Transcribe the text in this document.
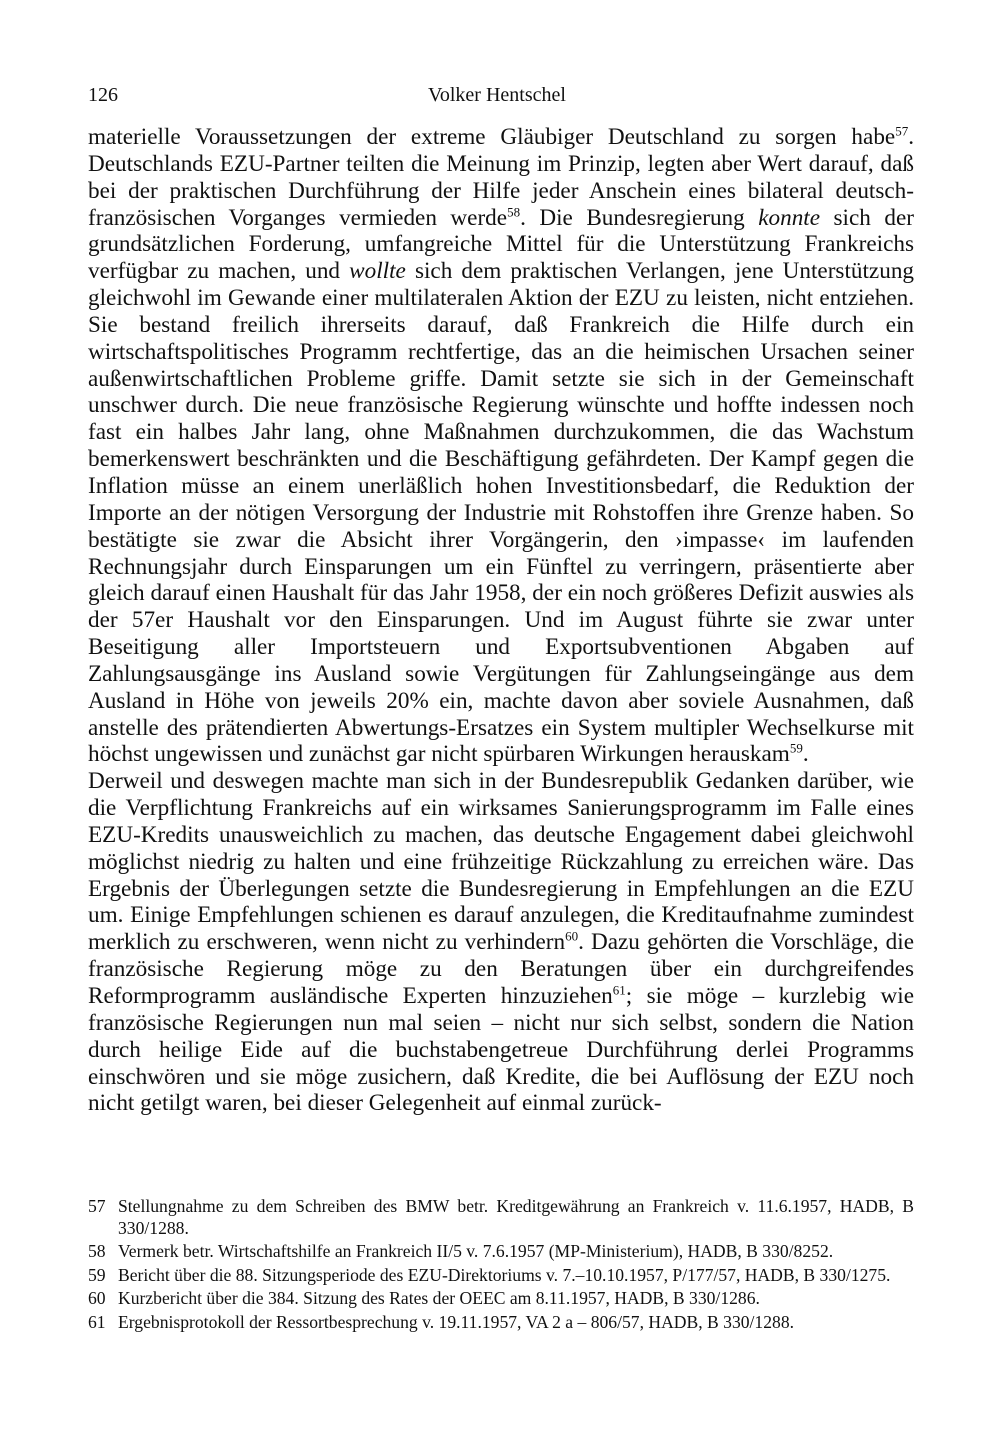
126	Volker Hentschel

materielle Voraussetzungen der extreme Gläubiger Deutschland zu sorgen habe$^{57}$. Deutschlands EZU-Partner teilten die Meinung im Prinzip, legten aber Wert darauf, daß bei der praktischen Durchführung der Hilfe jeder Anschein eines bilateral deutsch-französischen Vorganges vermieden werde$^{58}$. Die Bundesregierung konnte sich der grundsätzlichen Forderung, umfangreiche Mittel für die Unterstützung Frankreichs verfügbar zu machen, und wollte sich dem praktischen Verlangen, jene Unterstützung gleichwohl im Gewande einer multilateralen Aktion der EZU zu leisten, nicht entziehen. Sie bestand freilich ihrerseits darauf, daß Frankreich die Hilfe durch ein wirtschaftspolitisches Programm rechtfertige, das an die heimischen Ursachen seiner außenwirtschaftlichen Probleme griffe. Damit setzte sie sich in der Gemeinschaft unschwer durch. Die neue französische Regierung wünschte und hoffte indessen noch fast ein halbes Jahr lang, ohne Maßnahmen durchzukommen, die das Wachstum bemerkenswert beschränkten und die Beschäftigung gefährdeten. Der Kampf gegen die Inflation müsse an einem unerläßlich hohen Investitionsbedarf, die Reduktion der Importe an der nötigen Versorgung der Industrie mit Rohstoffen ihre Grenze haben. So bestätigte sie zwar die Absicht ihrer Vorgängerin, den ›impasse‹ im laufenden Rechnungsjahr durch Einsparungen um ein Fünftel zu verringern, präsentierte aber gleich darauf einen Haushalt für das Jahr 1958, der ein noch größeres Defizit auswies als der 57er Haushalt vor den Einsparungen. Und im August führte sie zwar unter Beseitigung aller Importsteuern und Exportsubventionen Abgaben auf Zahlungsausgänge ins Ausland sowie Vergütungen für Zahlungseingänge aus dem Ausland in Höhe von jeweils 20% ein, machte davon aber soviele Ausnahmen, daß anstelle des prätendierten Abwertungs-Ersatzes ein System multipler Wechselkurse mit höchst ungewissen und zunächst gar nicht spürbaren Wirkungen herauskam$^{59}$.

Derweil und deswegen machte man sich in der Bundesrepublik Gedanken darüber, wie die Verpflichtung Frankreichs auf ein wirksames Sanierungsprogramm im Falle eines EZU-Kredits unausweichlich zu machen, das deutsche Engagement dabei gleichwohl möglichst niedrig zu halten und eine frühzeitige Rückzahlung zu erreichen wäre. Das Ergebnis der Überlegungen setzte die Bundesregierung in Empfehlungen an die EZU um. Einige Empfehlungen schienen es darauf anzulegen, die Kreditaufnahme zumindest merklich zu erschweren, wenn nicht zu verhindern$^{60}$. Dazu gehörten die Vorschläge, die französische Regierung möge zu den Beratungen über ein durchgreifendes Reformprogramm ausländische Experten hinzuziehen$^{61}$; sie möge – kurzlebig wie französische Regierungen nun mal seien – nicht nur sich selbst, sondern die Nation durch heilige Eide auf die buchstabengetreue Durchführung derlei Programms einschwören und sie möge zusichern, daß Kredite, die bei Auflösung der EZU noch nicht getilgt waren, bei dieser Gelegenheit auf einmal zurück-

57 Stellungnahme zu dem Schreiben des BMW betr. Kreditgewährung an Frankreich v. 11.6.1957, HADB, B 330/1288.
58 Vermerk betr. Wirtschaftshilfe an Frankreich II/5 v. 7.6.1957 (MP-Ministerium), HADB, B 330/8252.
59 Bericht über die 88. Sitzungsperiode des EZU-Direktoriums v. 7.–10.10.1957, P/177/57, HADB, B 330/1275.
60 Kurzbericht über die 384. Sitzung des Rates der OEEC am 8.11.1957, HADB, B 330/1286.
61 Ergebnisprotokoll der Ressortbesprechung v. 19.11.1957, VA 2 a – 806/57, HADB, B 330/1288.
